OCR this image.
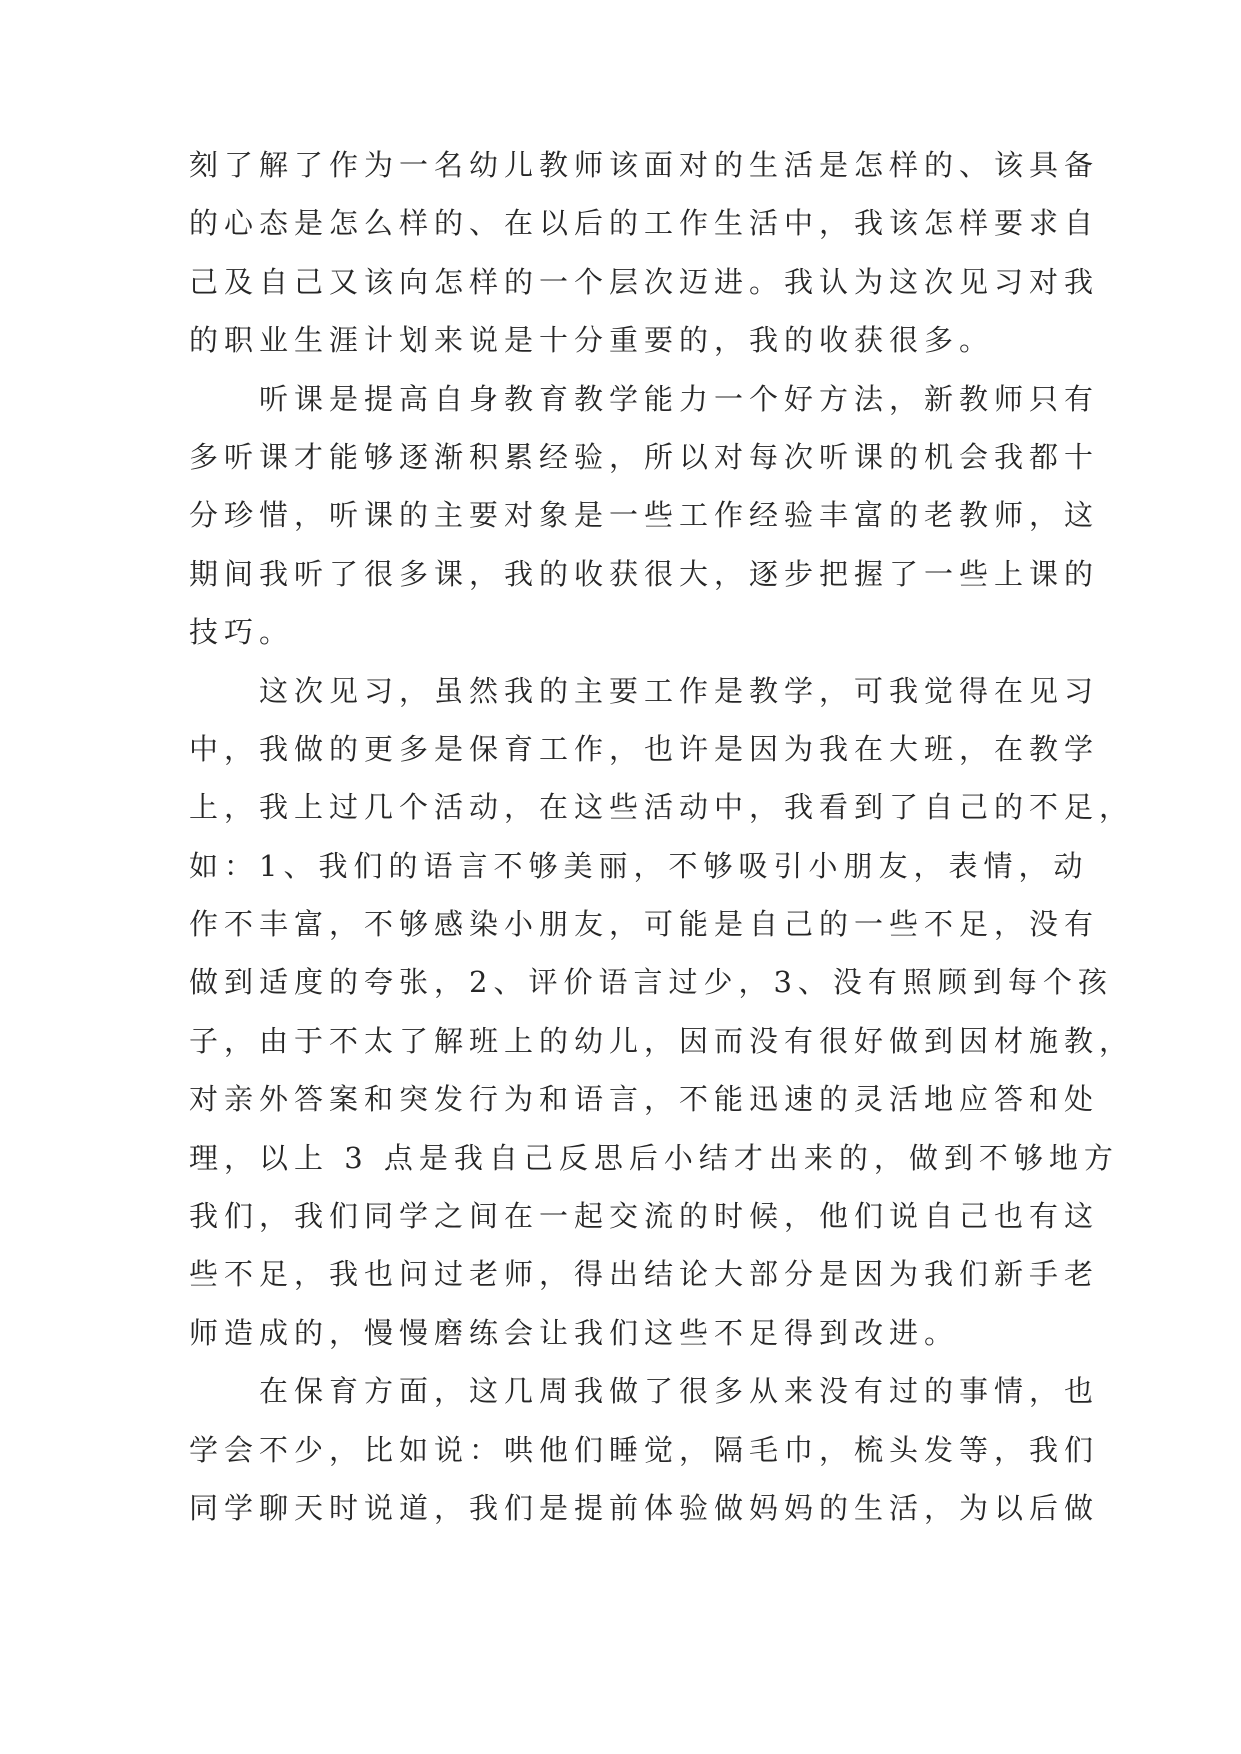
刻了解了作为一名幼儿教师该面对的生活是怎样的、该具备
的心态是怎么样的、在以后的工作生活中，我该怎样要求自
己及自己又该向怎样的一个层次迈进。我认为这次见习对我
的职业生涯计划来说是十分重要的，我的收获很多。
　　听课是提高自身教育教学能力一个好方法，新教师只有
多听课才能够逐渐积累经验，所以对每次听课的机会我都十
分珍惜，听课的主要对象是一些工作经验丰富的老教师，这
期间我听了很多课，我的收获很大，逐步把握了一些上课的
技巧。
　　这次见习，虽然我的主要工作是教学，可我觉得在见习
中，我做的更多是保育工作，也许是因为我在大班，在教学
上，我上过几个活动，在这些活动中，我看到了自己的不足，
如：1、我们的语言不够美丽，不够吸引小朋友，表情，动
作不丰富，不够感染小朋友，可能是自己的一些不足，没有
做到适度的夸张，2、评价语言过少，3、没有照顾到每个孩
子，由于不太了解班上的幼儿，因而没有很好做到因材施教，
对亲外答案和突发行为和语言，不能迅速的灵活地应答和处
理，以上 3 点是我自己反思后小结才出来的，做到不够地方
我们，我们同学之间在一起交流的时候，他们说自己也有这
些不足，我也问过老师，得出结论大部分是因为我们新手老
师造成的，慢慢磨练会让我们这些不足得到改进。
　　在保育方面，这几周我做了很多从来没有过的事情，也
学会不少，比如说：哄他们睡觉，隔毛巾，梳头发等，我们
同学聊天时说道，我们是提前体验做妈妈的生活，为以后做
